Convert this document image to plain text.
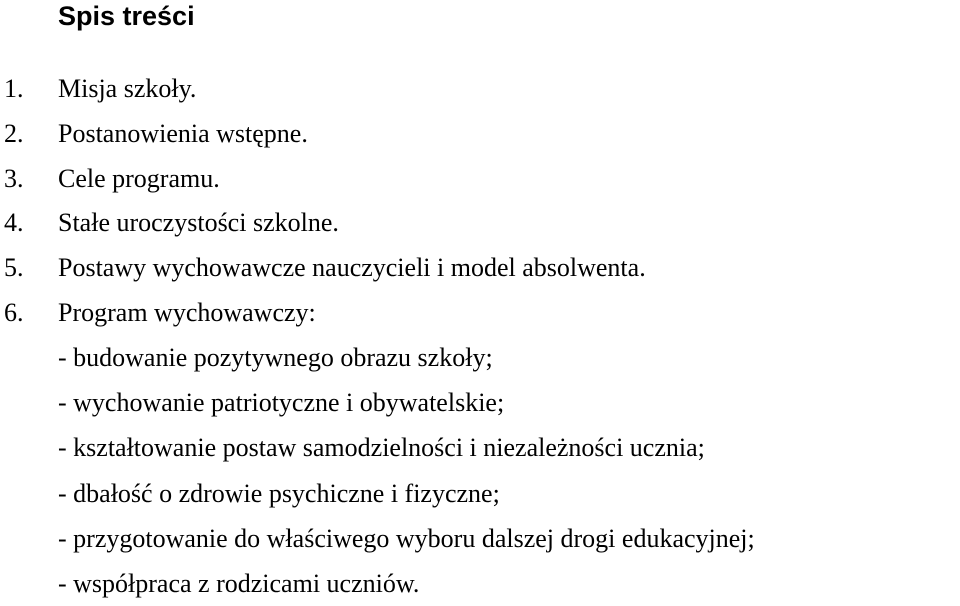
Spis treści
1. Misja szkoły.
2. Postanowienia wstępne.
3. Cele programu.
4. Stałe uroczystości szkolne.
5. Postawy wychowawcze nauczycieli i model absolwenta.
6. Program wychowawczy:
- budowanie pozytywnego obrazu szkoły;
- wychowanie patriotyczne i obywatelskie;
- kształtowanie postaw samodzielności i niezależności ucznia;
- dbałość o zdrowie psychiczne i fizyczne;
- przygotowanie do właściwego wyboru dalszej drogi edukacyjnej;
- współpraca z rodzicami uczniów.
